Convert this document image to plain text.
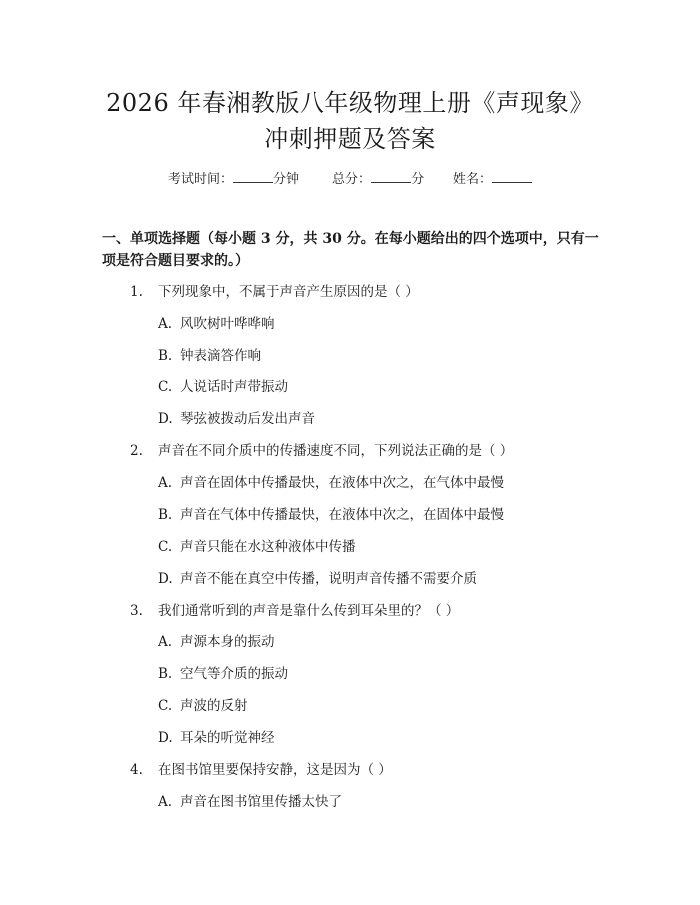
2026 年春湘教版八年级物理上册《声现象》
冲刺押题及答案
考试时间：	分钟	总分：	分 姓名：
一、单项选择题（每小题 3 分，共 30 分。在每小题给出的四个选项中，只有一项是符合题目要求的。）
1. 下列现象中，不属于声音产生原因的是（ ）
A. 风吹树叶哗哗响
B. 钟表滴答作响
C. 人说话时声带振动
D. 琴弦被拨动后发出声音
2. 声音在不同介质中的传播速度不同，下列说法正确的是（ ）
A. 声音在固体中传播最快，在液体中次之，在气体中最慢
B. 声音在气体中传播最快，在液体中次之，在固体中最慢
C. 声音只能在水这种液体中传播
D. 声音不能在真空中传播，说明声音传播不需要介质
3. 我们通常听到的声音是靠什么传到耳朵里的？（ ）
A. 声源本身的振动
B. 空气等介质的振动
C. 声波的反射
D. 耳朵的听觉神经
4. 在图书馆里要保持安静，这是因为（ ）
A. 声音在图书馆里传播太快了
